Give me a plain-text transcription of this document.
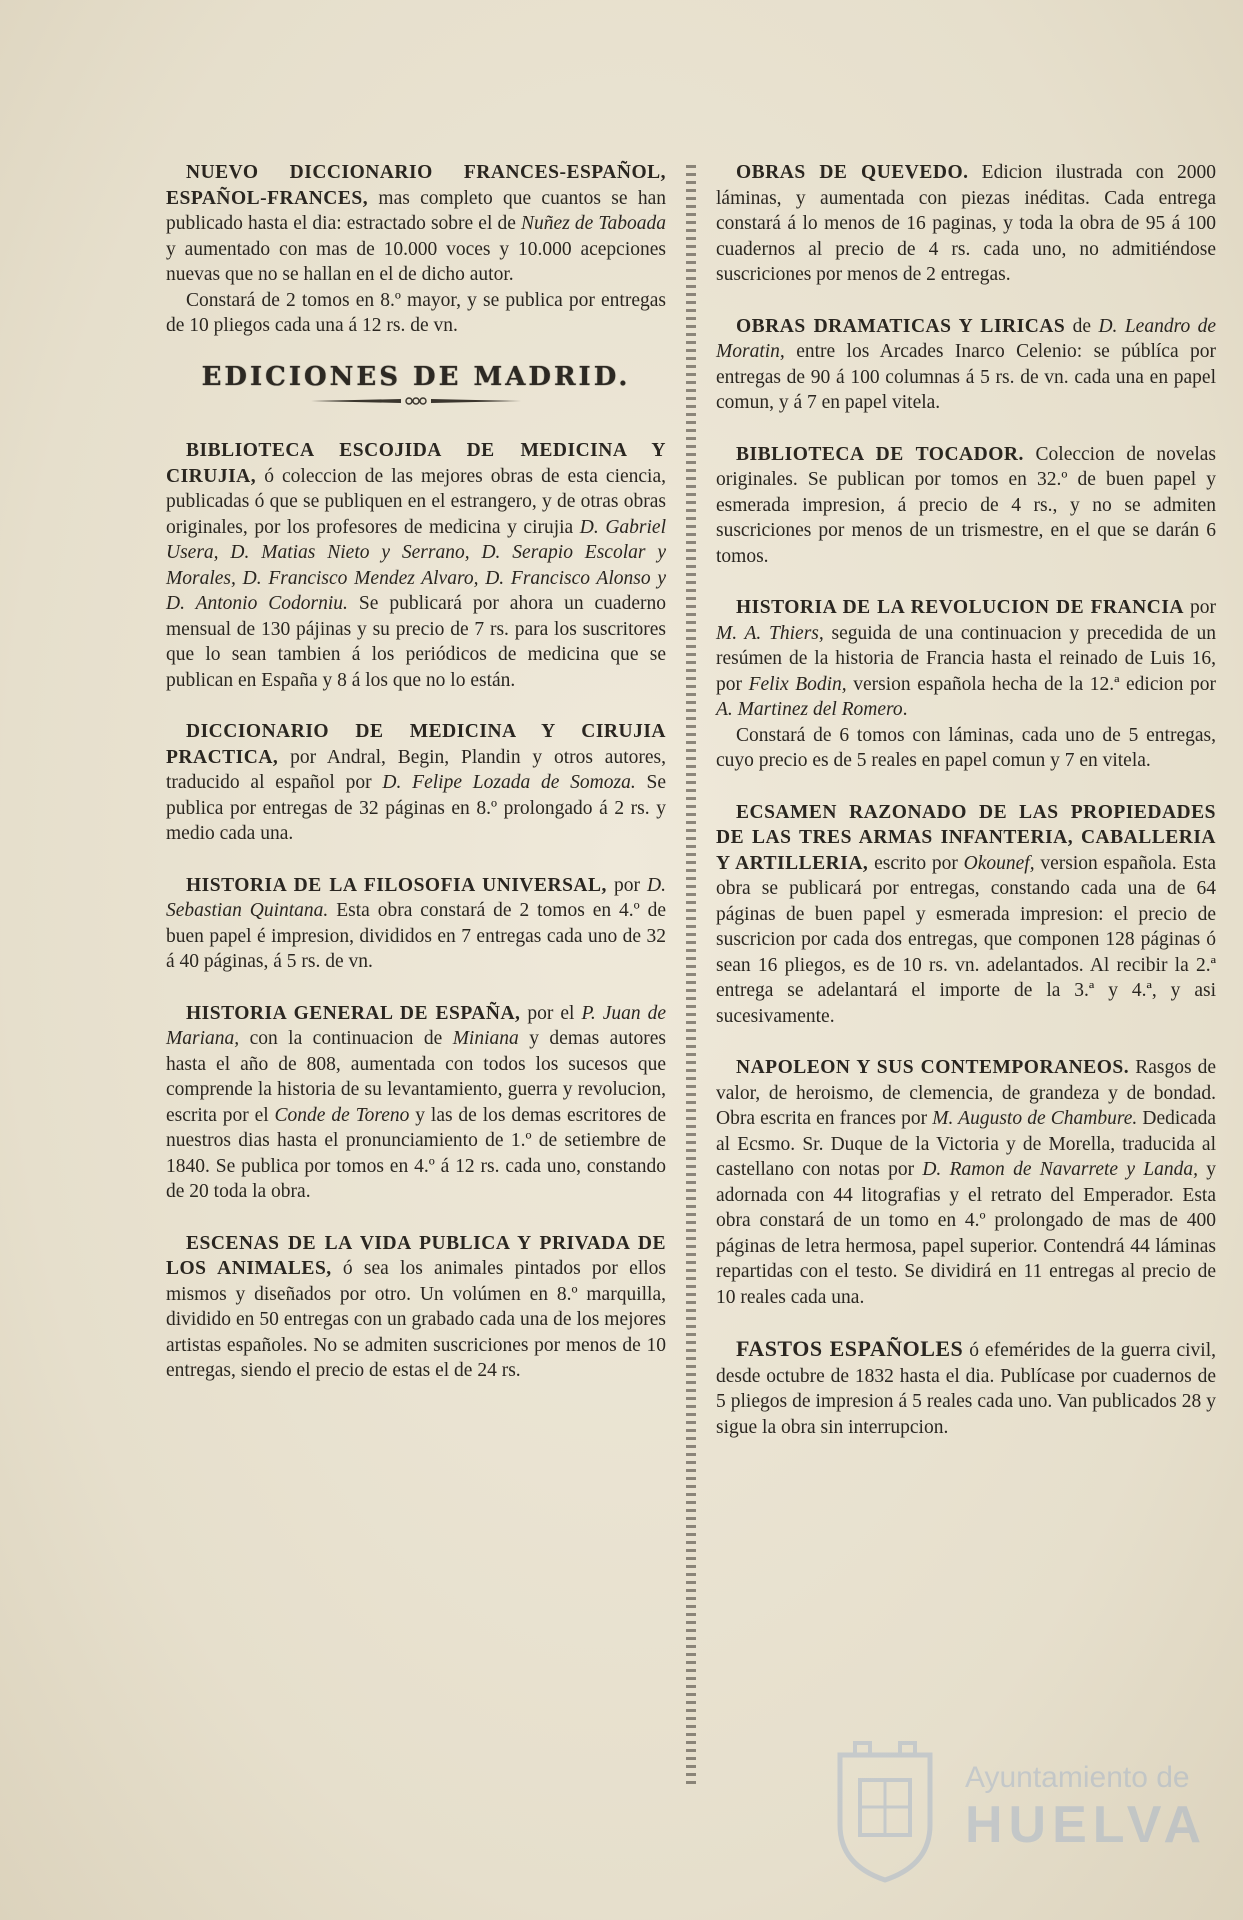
NUEVO DICCIONARIO FRANCES-ESPAÑOL, ESPAÑOL-FRANCES, mas completo que cuantos se han publicado hasta el dia: estractado sobre el de Nuñez de Taboada y aumentado con mas de 10.000 voces y 10.000 acepciones nuevas que no se hallan en el de dicho autor.

Constará de 2 tomos en 8.º mayor, y se publica por entregas de 10 pliegos cada una á 12 rs. de vn.

EDICIONES DE MADRID.

BIBLIOTECA ESCOJIDA DE MEDICINA Y CIRUJIA, ó coleccion de las mejores obras de esta ciencia, publicadas ó que se publiquen en el estrangero, y de otras obras originales, por los profesores de medicina y cirujia D. Gabriel Usera, D. Matias Nieto y Serrano, D. Serapio Escolar y Morales, D. Francisco Mendez Alvaro, D. Francisco Alonso y D. Antonio Codorniu. Se publicará por ahora un cuaderno mensual de 130 pájinas y su precio de 7 rs. para los suscritores que lo sean tambien á los periódicos de medicina que se publican en España y 8 á los que no lo están.

DICCIONARIO DE MEDICINA Y CIRUJIA PRACTICA, por Andral, Begin, Plandin y otros autores, traducido al español por D. Felipe Lozada de Somoza. Se publica por entregas de 32 páginas en 8.º prolongado á 2 rs. y medio cada una.

HISTORIA DE LA FILOSOFIA UNIVERSAL, por D. Sebastian Quintana. Esta obra constará de 2 tomos en 4.º de buen papel é impresion, divididos en 7 entregas cada uno de 32 á 40 páginas, á 5 rs. de vn.

HISTORIA GENERAL DE ESPAÑA, por el P. Juan de Mariana, con la continuacion de Miniana y demas autores hasta el año de 808, aumentada con todos los sucesos que comprende la historia de su levantamiento, guerra y revolucion, escrita por el Conde de Toreno y las de los demas escritores de nuestros dias hasta el pronunciamiento de 1.º de setiembre de 1840. Se publica por tomos en 4.º á 12 rs. cada uno, constando de 20 toda la obra.

ESCENAS DE LA VIDA PUBLICA Y PRIVADA DE LOS ANIMALES, ó sea los animales pintados por ellos mismos y diseñados por otro. Un volúmen en 8.º marquilla, dividido en 50 entregas con un grabado cada una de los mejores artistas españoles. No se admiten suscriciones por menos de 10 entregas, siendo el precio de estas el de 24 rs.

OBRAS DE QUEVEDO. Edicion ilustrada con 2000 láminas, y aumentada con piezas inéditas. Cada entrega constará á lo menos de 16 paginas, y toda la obra de 95 á 100 cuadernos al precio de 4 rs. cada uno, no admitiéndose suscriciones por menos de 2 entregas.

OBRAS DRAMATICAS Y LIRICAS de D. Leandro de Moratin, entre los Arcades Inarco Celenio: se públíca por entregas de 90 á 100 columnas á 5 rs. de vn. cada una en papel comun, y á 7 en papel vitela.

BIBLIOTECA DE TOCADOR. Coleccion de novelas originales. Se publican por tomos en 32.º de buen papel y esmerada impresion, á precio de 4 rs., y no se admiten suscriciones por menos de un trismestre, en el que se darán 6 tomos.

HISTORIA DE LA REVOLUCION DE FRANCIA por M. A. Thiers, seguida de una continuacion y precedida de un resúmen de la historia de Francia hasta el reinado de Luis 16, por Felix Bodin, version española hecha de la 12.ª edicion por A. Martinez del Romero.

Constará de 6 tomos con láminas, cada uno de 5 entregas, cuyo precio es de 5 reales en papel comun y 7 en vitela.

ECSAMEN RAZONADO DE LAS PROPIEDADES DE LAS TRES ARMAS INFANTERIA, CABALLERIA Y ARTILLERIA, escrito por Okounef, version española. Esta obra se publicará por entregas, constando cada una de 64 páginas de buen papel y esmerada impresion: el precio de suscricion por cada dos entregas, que componen 128 páginas ó sean 16 pliegos, es de 10 rs. vn. adelantados. Al recibir la 2.ª entrega se adelantará el importe de la 3.ª y 4.ª, y asi sucesivamente.

NAPOLEON Y SUS CONTEMPORANEOS. Rasgos de valor, de heroismo, de clemencia, de grandeza y de bondad. Obra escrita en frances por M. Augusto de Chambure. Dedicada al Ecsmo. Sr. Duque de la Victoria y de Morella, traducida al castellano con notas por D. Ramon de Navarrete y Landa, y adornada con 44 litografias y el retrato del Emperador. Esta obra constará de un tomo en 4.º prolongado de mas de 400 páginas de letra hermosa, papel superior. Contendrá 44 láminas repartidas con el testo. Se dividirá en 11 entregas al precio de 10 reales cada una.

FASTOS ESPAÑOLES ó efemérides de la guerra civil, desde octubre de 1832 hasta el dia. Publícase por cuadernos de 5 pliegos de impresion á 5 reales cada uno. Van publicados 28 y sigue la obra sin interrupcion.

Ayuntamiento de
HUELVA
